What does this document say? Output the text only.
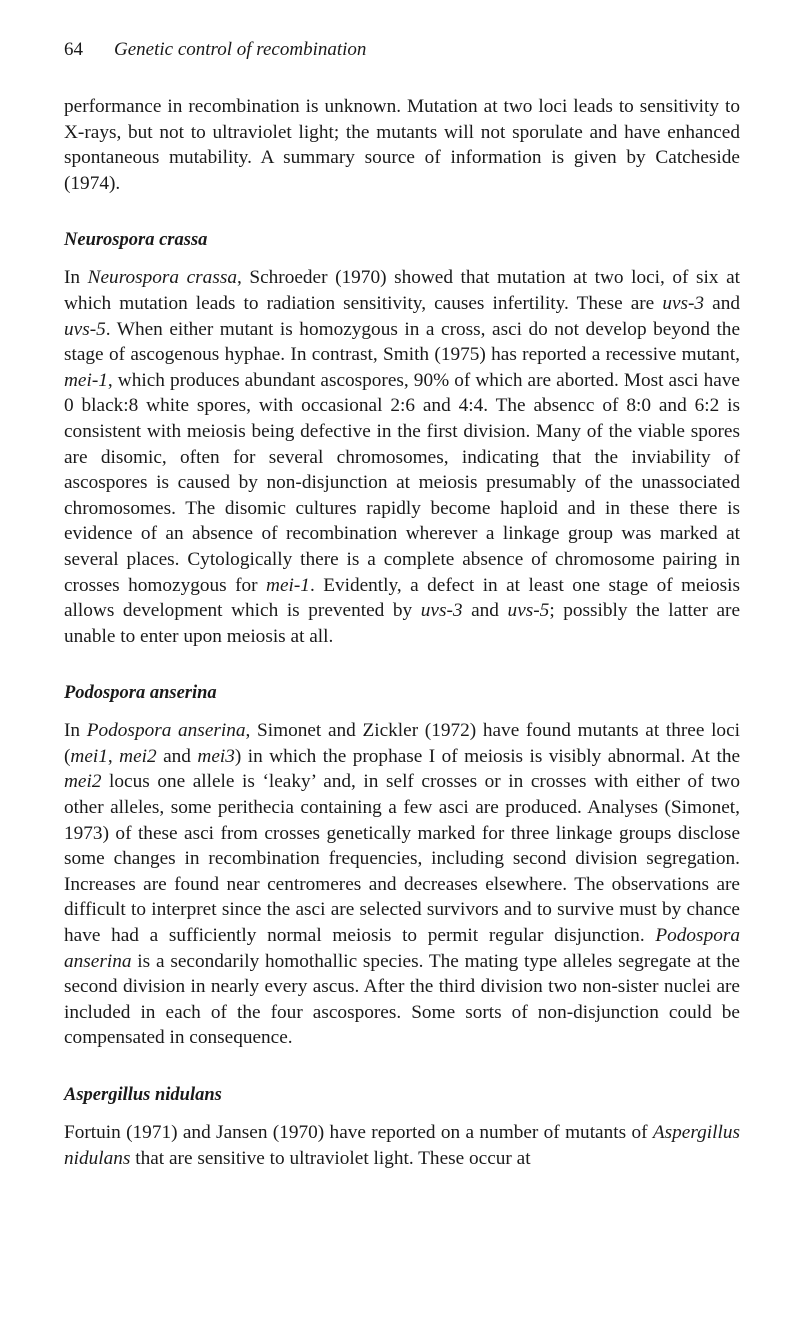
64 Genetic control of recombination

performance in recombination is unknown. Mutation at two loci leads to sensitivity to X-rays, but not to ultraviolet light; the mutants will not sporulate and have enhanced spontaneous mutability. A summary source of information is given by Catcheside (1974).

Neurospora crassa

In Neurospora crassa, Schroeder (1970) showed that mutation at two loci, of six at which mutation leads to radiation sensitivity, causes infertility. These are uvs-3 and uvs-5. When either mutant is homozygous in a cross, asci do not develop beyond the stage of ascogenous hyphae. In contrast, Smith (1975) has reported a recessive mutant, mei-1, which produces abundant ascospores, 90% of which are aborted. Most asci have 0 black:8 white spores, with occasional 2:6 and 4:4. The absencc of 8:0 and 6:2 is consistent with meiosis being defective in the first division. Many of the viable spores are disomic, often for several chromosomes, indicating that the inviability of ascospores is caused by non-disjunction at meiosis presumably of the unassociated chromosomes. The disomic cultures rapidly become haploid and in these there is evidence of an absence of recombination wherever a linkage group was marked at several places. Cytologically there is a complete absence of chromosome pairing in crosses homozygous for mei-1. Evidently, a defect in at least one stage of meiosis allows development which is prevented by uvs-3 and uvs-5; possibly the latter are unable to enter upon meiosis at all.

Podospora anserina

In Podospora anserina, Simonet and Zickler (1972) have found mutants at three loci (mei1, mei2 and mei3) in which the prophase I of meiosis is visibly abnormal. At the mei2 locus one allele is ‘leaky’ and, in self crosses or in crosses with either of two other alleles, some perithecia containing a few asci are produced. Analyses (Simonet, 1973) of these asci from crosses genetically marked for three linkage groups disclose some changes in recombination frequencies, including second division segregation. Increases are found near centromeres and decreases elsewhere. The observations are difficult to interpret since the asci are selected survivors and to survive must by chance have had a sufficiently normal meiosis to permit regular disjunction. Podospora anserina is a secondarily homothallic species. The mating type alleles segregate at the second division in nearly every ascus. After the third division two non-sister nuclei are included in each of the four ascospores. Some sorts of non-disjunction could be compensated in consequence.

Aspergillus nidulans

Fortuin (1971) and Jansen (1970) have reported on a number of mutants of Aspergillus nidulans that are sensitive to ultraviolet light. These occur at
